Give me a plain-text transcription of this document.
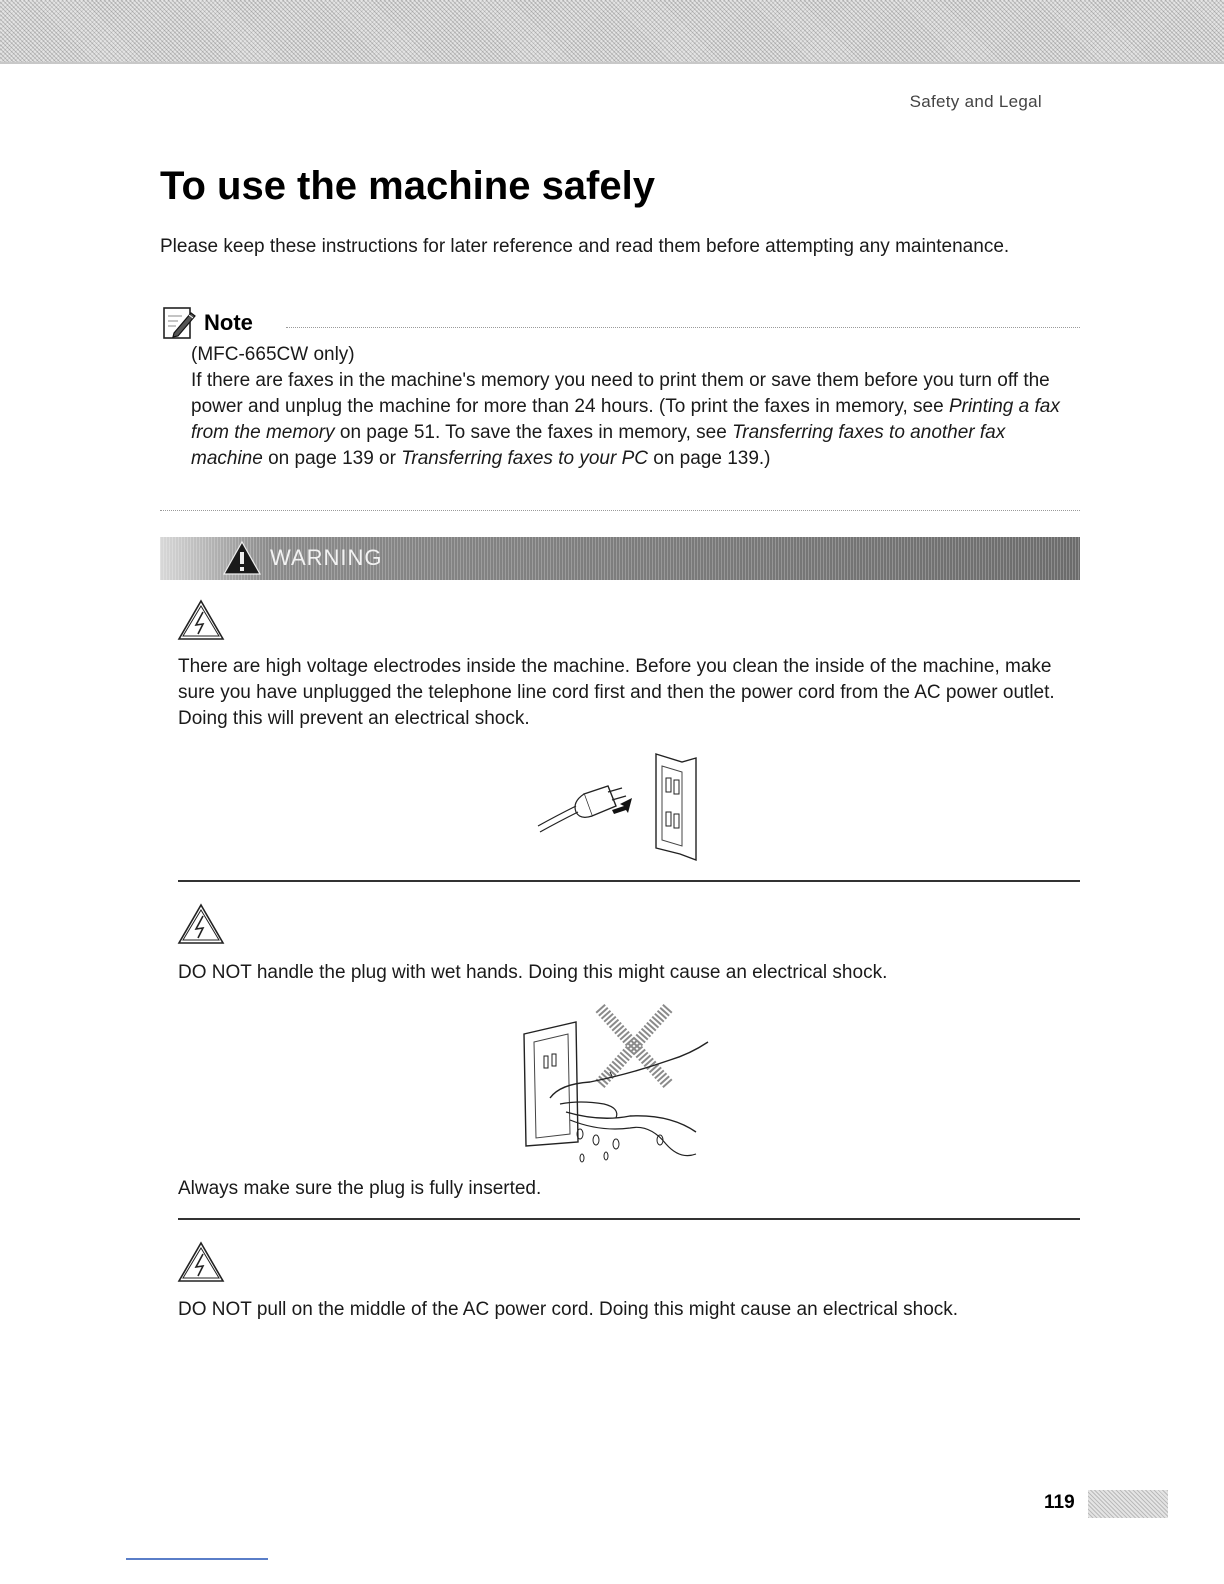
Safety and Legal
To use the machine safely

Please keep these instructions for later reference and read them before attempting any maintenance.

Note
(MFC-665CW only)
If there are faxes in the machine's memory you need to print them or save them before you turn off the power and unplug the machine for more than 24 hours. (To print the faxes in memory, see Printing a fax from the memory on page 51. To save the faxes in memory, see Transferring faxes to another fax machine on page 139 or Transferring faxes to your PC on page 139.)
WARNING

There are high voltage electrodes inside the machine. Before you clean the inside of the machine, make sure you have unplugged the telephone line cord first and then the power cord from the AC power outlet. Doing this will prevent an electrical shock.

DO NOT handle the plug with wet hands. Doing this might cause an electrical shock.

Always make sure the plug is fully inserted.

DO NOT pull on the middle of the AC power cord. Doing this might cause an electrical shock.

119
